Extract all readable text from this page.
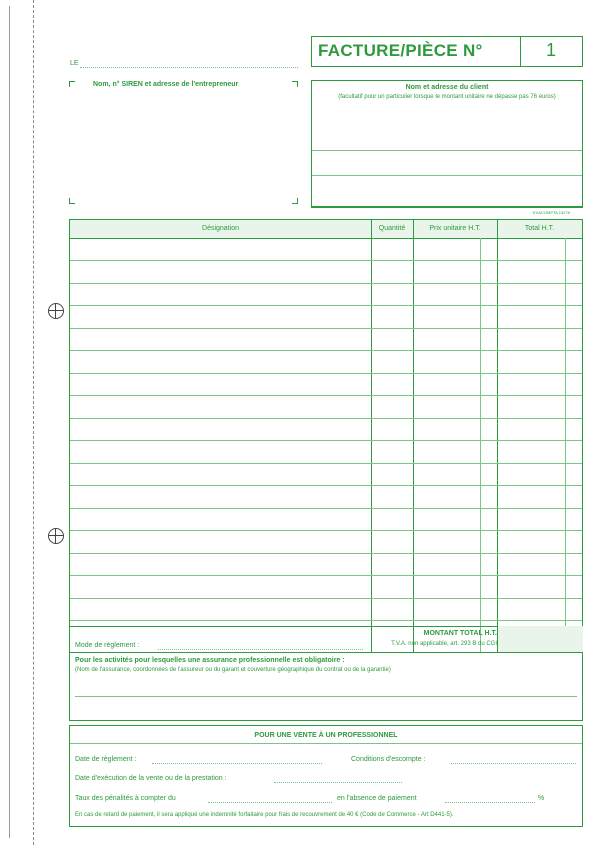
LE
FACTURE/PIÈCE N°	1
Nom, n° SIREN et adresse de l'entrepreneur	Nom et adresse du client
(facultatif pour un particulier lorsque le montant unitaire ne dépasse pas 76 euros)
EXACOMPTA 13278
Désignation	Quantité	Prix unitaire H.T.	Total H.T.
Mode de règlement :
MONTANT TOTAL H.T.
T.V.A. non applicable, art. 293 B du CGI
Pour les activités pour lesquelles une assurance professionnelle est obligatoire :
(Nom de l'assurance, coordonnées de l'assureur ou du garant et couverture géographique du contrat ou de la garantie)
POUR UNE VENTE À UN PROFESSIONNEL
Date de règlement :	Conditions d'escompte :
Date d'exécution de la vente ou de la prestation :
Taux des pénalités à compter du	en l'absence de paiement	%
En cas de retard de paiement, il sera appliqué une indemnité forfaitaire pour frais de recouvrement de 40 € (Code de Commerce - Art D441-5).
